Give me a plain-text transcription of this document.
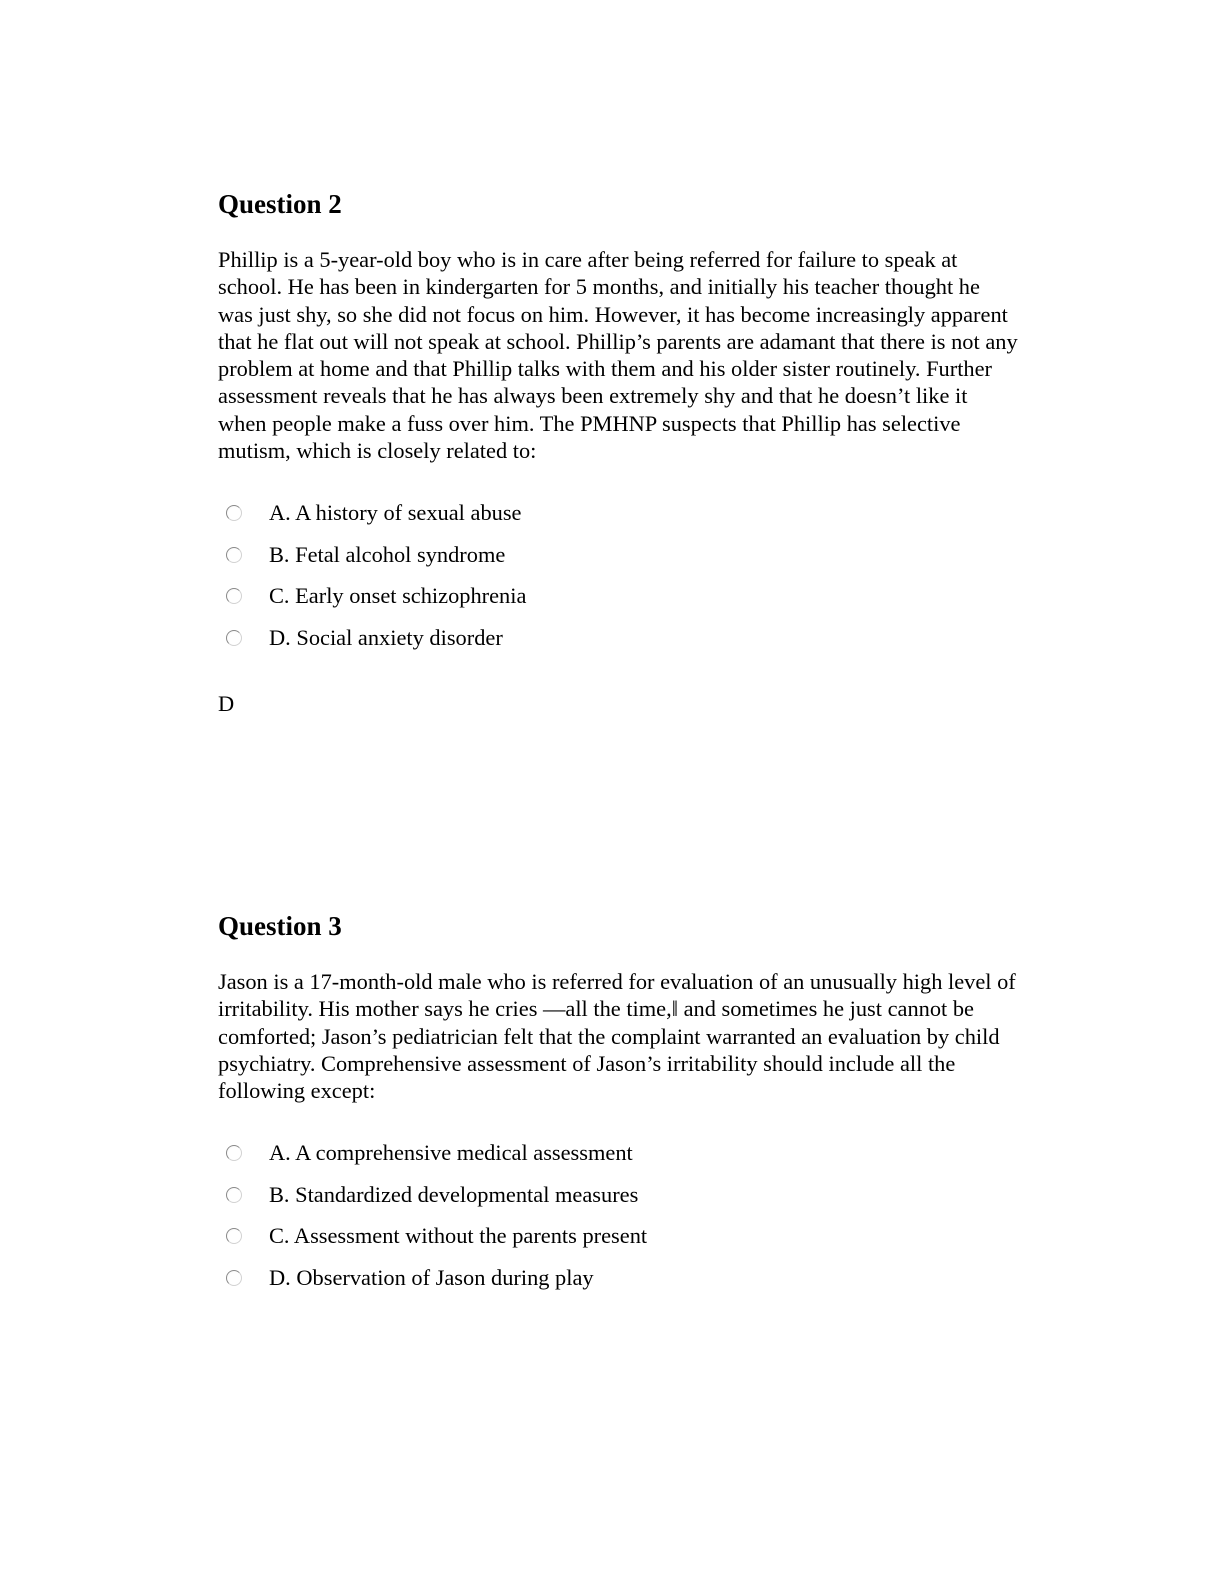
Question 2

Phillip is a 5-year-old boy who is in care after being referred for failure to speak at
school. He has been in kindergarten for 5 months, and initially his teacher thought he
was just shy, so she did not focus on him. However, it has become increasingly apparent
that he flat out will not speak at school. Phillip’s parents are adamant that there is not any
problem at home and that Phillip talks with them and his older sister routinely. Further
assessment reveals that he has always been extremely shy and that he doesn’t like it
when people make a fuss over him. The PMHNP suspects that Phillip has selective
mutism, which is closely related to:

A. A history of sexual abuse
B. Fetal alcohol syndrome
C. Early onset schizophrenia
D. Social anxiety disorder
D
Question 3

Jason is a 17-month-old male who is referred for evaluation of an unusually high level of
irritability. His mother says he cries ―all the time,‖ and sometimes he just cannot be
comforted; Jason’s pediatrician felt that the complaint warranted an evaluation by child
psychiatry. Comprehensive assessment of Jason’s irritability should include all the
following except:

A. A comprehensive medical assessment
B. Standardized developmental measures
C. Assessment without the parents present
D. Observation of Jason during play
